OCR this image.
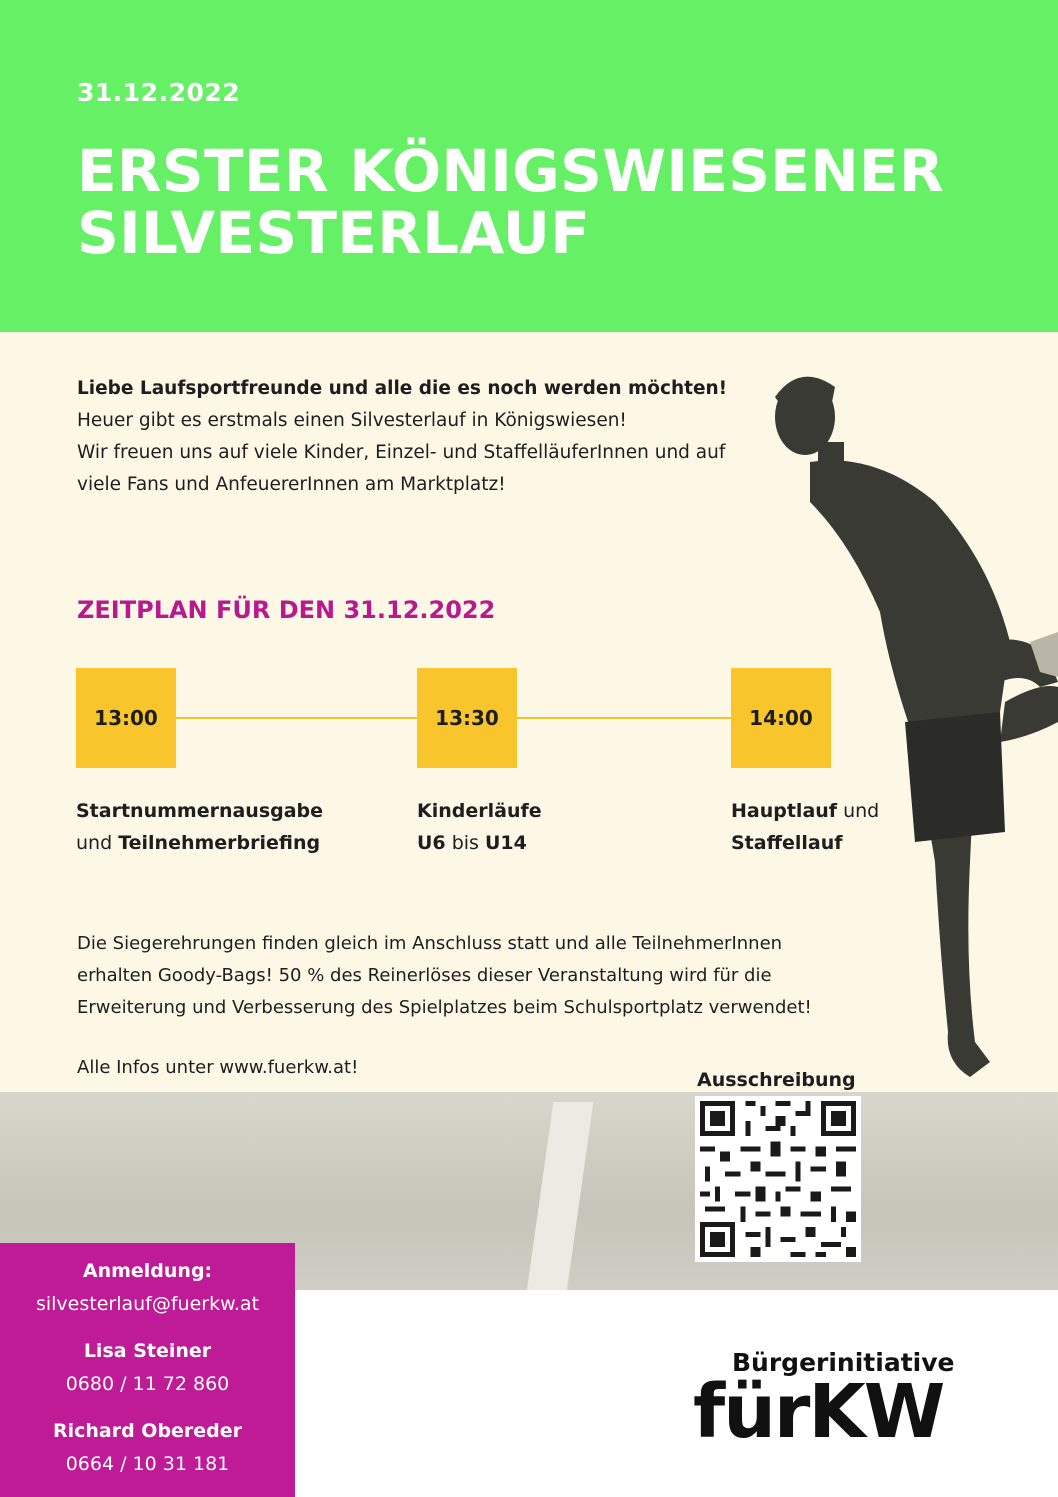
31.12.2022
ERSTER KÖNIGSWIESENER
SILVESTERLAUF

Liebe Laufsportfreunde und alle die es noch werden möchten!

Heuer gibt es erstmals einen Silvesterlauf in Königswiesen!

Wir freuen uns auf viele Kinder, Einzel- und StaffelläuferInnen und auf

viele Fans und AnfeuererInnen am Marktplatz!

ZEITPLAN FÜR DEN 31.12.2022
13:00	13:30	14:00
Startnummernausgabe
und Teilnehmerbriefing
Kinderläufe
U6 bis U14
Hauptlauf und
Staffellauf

Die Siegerehrungen finden gleich im Anschluss statt und alle TeilnehmerInnen

erhalten Goody-Bags! 50 % des Reinerlöses dieser Veranstaltung wird für die

Erweiterung und Verbesserung des Spielplatzes beim Schulsportplatz verwendet!

Alle Infos unter www.fuerkw.at!
Ausschreibung
Anmeldung:
silvesterlauf@fuerkw.at
Lisa Steiner
0680 / 11 72 860
Richard Obereder
0664 / 10 31 181
Bürgerinitiative
fürKW
